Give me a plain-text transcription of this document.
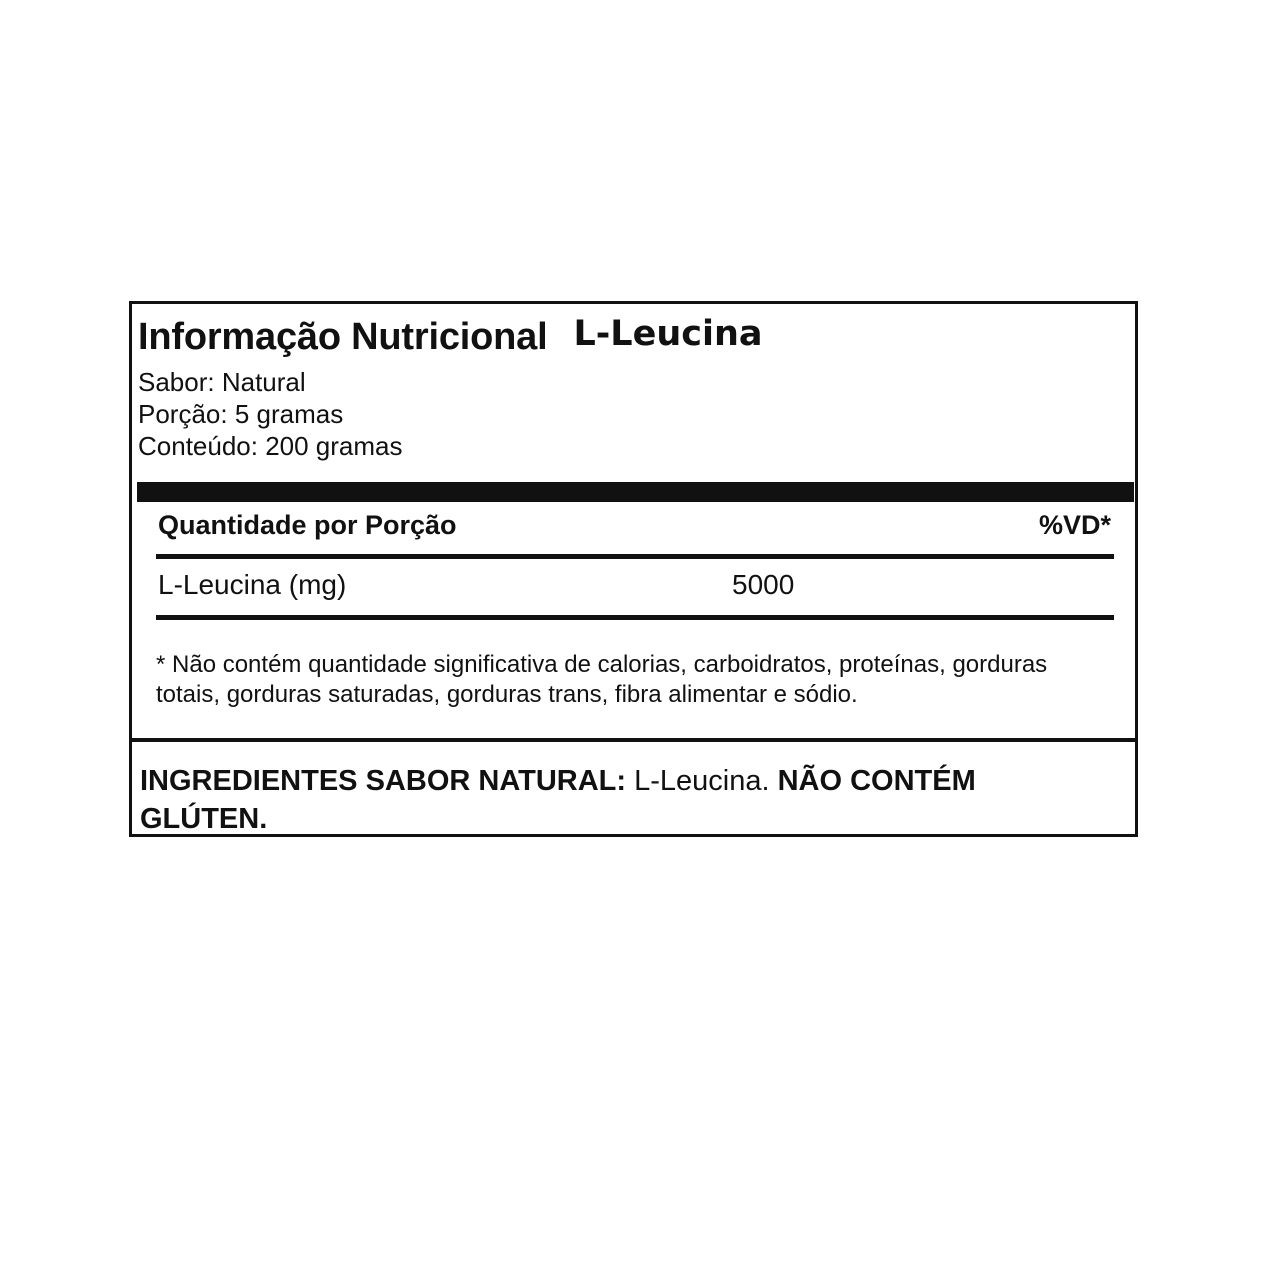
Informação Nutricional L-Leucina
Sabor: Natural
Porção: 5 gramas
Conteúdo: 200 gramas
Quantidade por Porção	%VD*
L-Leucina (mg)	5000
* Não contém quantidade significativa de calorias, carboidratos, proteínas, gorduras totais, gorduras saturadas, gorduras trans, fibra alimentar e sódio.
INGREDIENTES SABOR NATURAL: L-Leucina. NÃO CONTÉM GLÚTEN.
